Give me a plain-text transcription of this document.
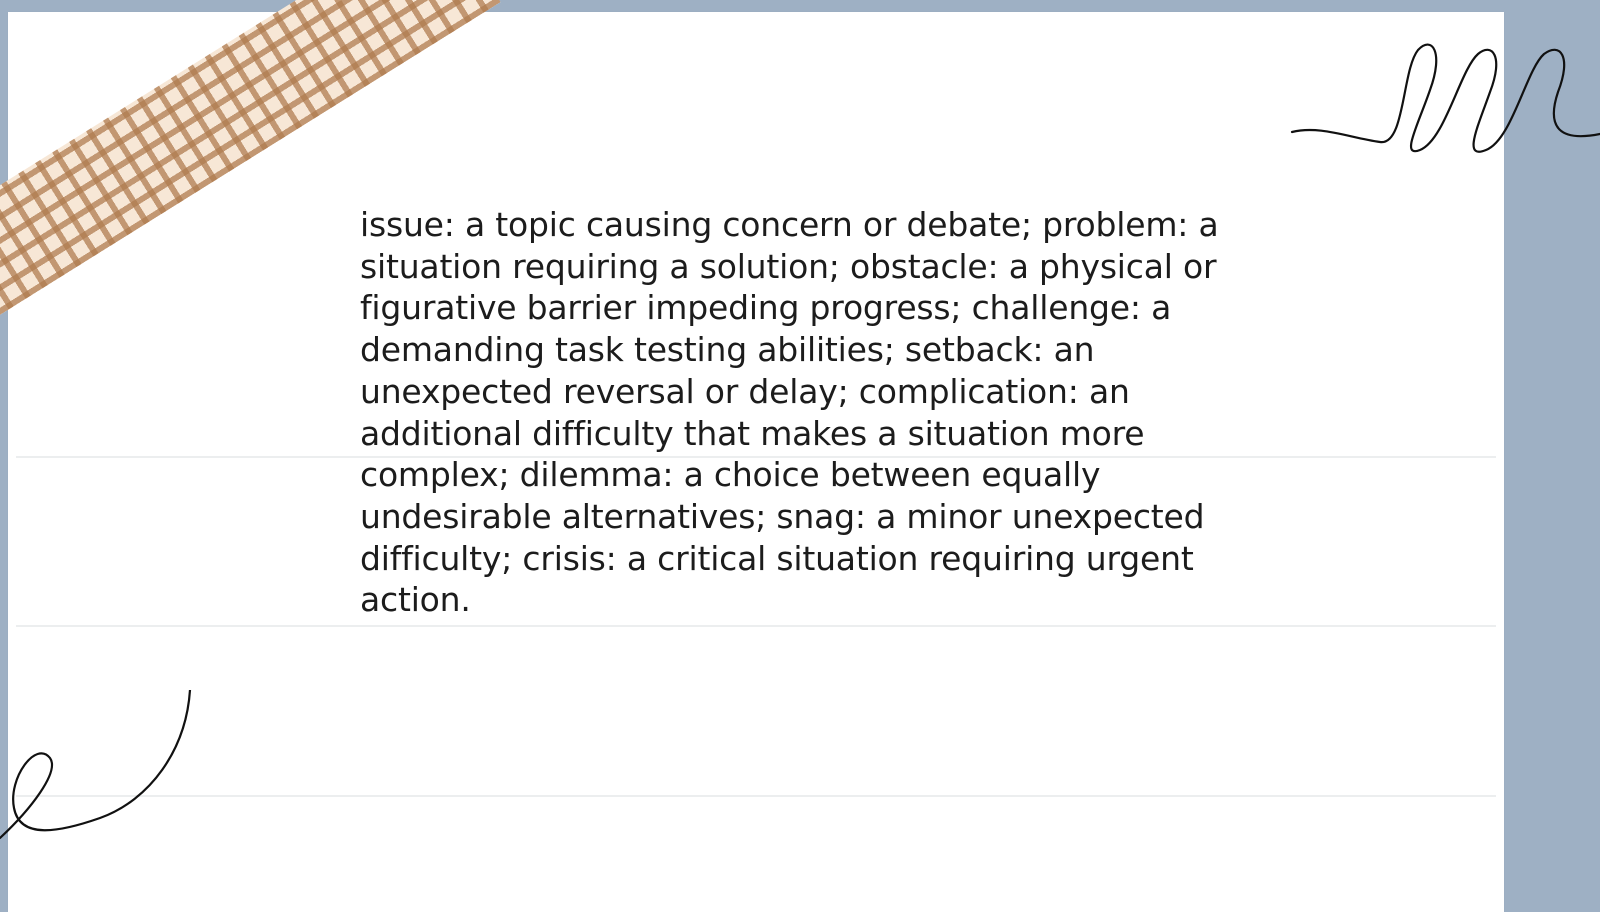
issue: a topic causing concern or debate; problem: a situation requiring a solution; obstacle: a physical or figurative barrier impeding progress; challenge: a demanding task testing abilities; setback: an unexpected reversal or delay; complication: an additional difficulty that makes a situation more complex; dilemma: a choice between equally undesirable alternatives; snag: a minor unexpected difficulty; crisis: a critical situation requiring urgent action.
